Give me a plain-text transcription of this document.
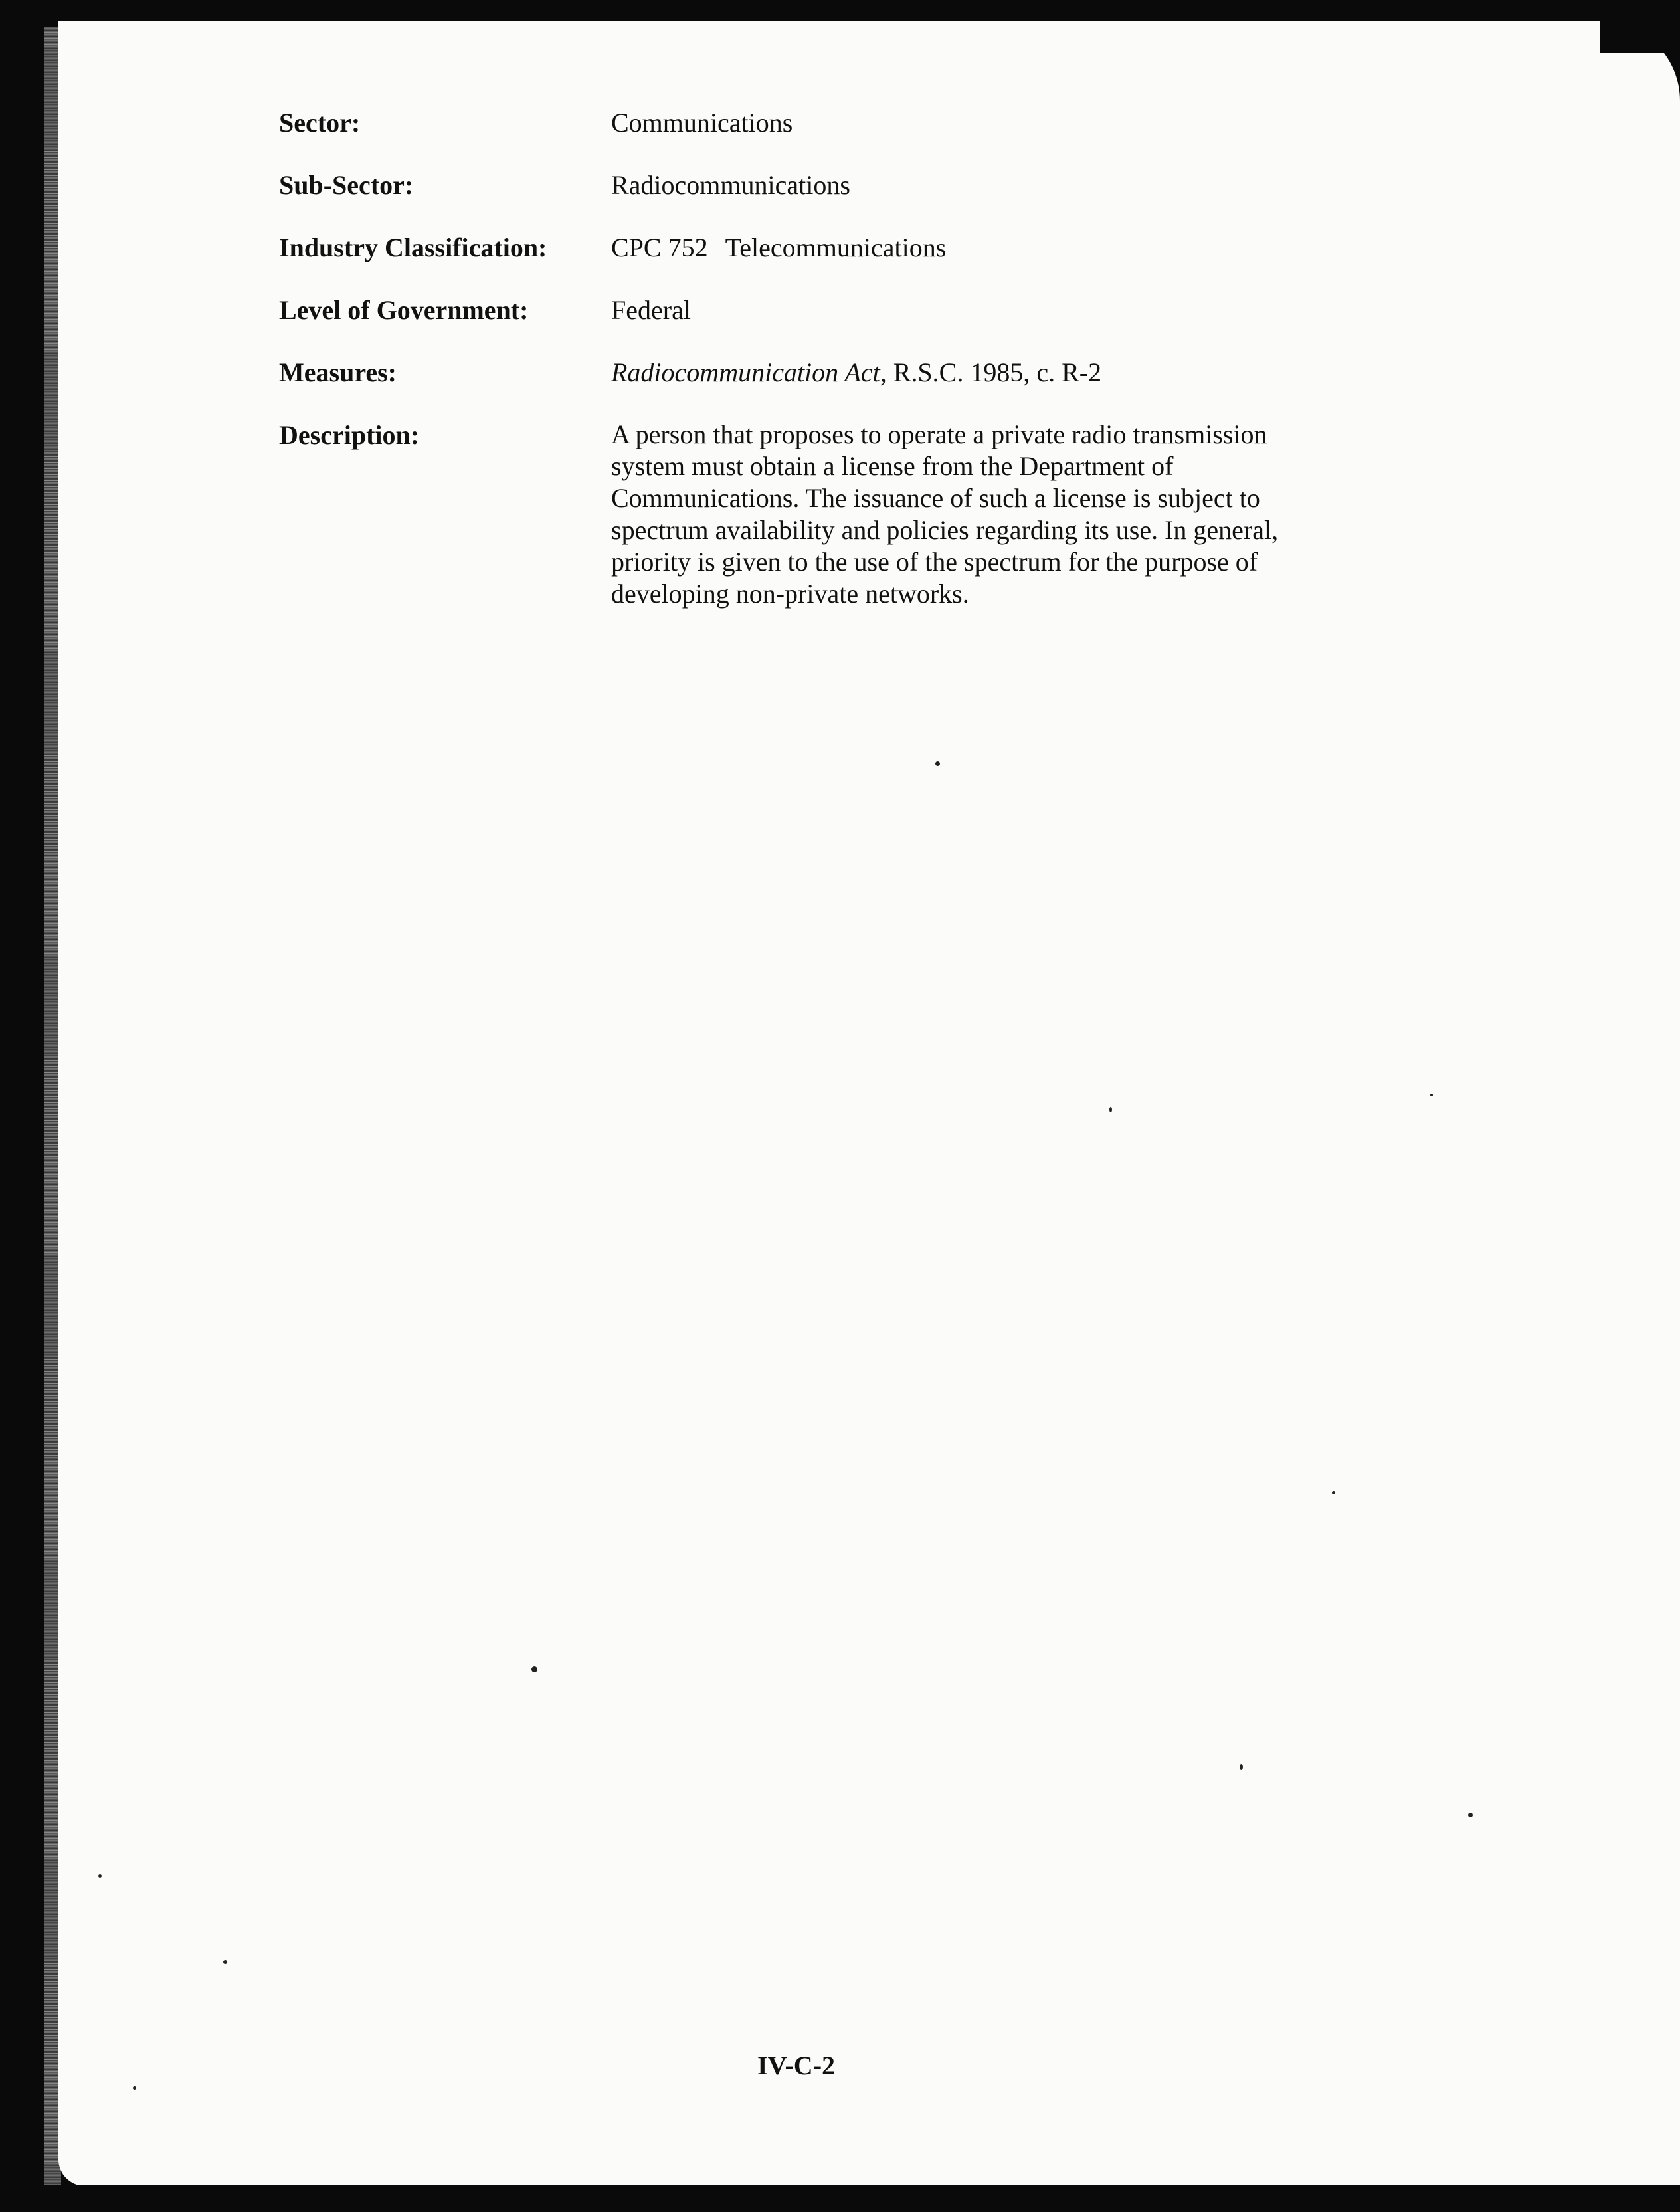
Sector:	Communications
Sub-Sector:	Radiocommunications
Industry Classification:	CPC 752 Telecommunications
Level of Government:	Federal
Measures:	Radiocommunication Act, R.S.C. 1985, c. R-2
Description:	A person that proposes to operate a private radio transmission
system must obtain a license from the Department of
Communications. The issuance of such a license is subject to
spectrum availability and policies regarding its use. In general,
priority is given to the use of the spectrum for the purpose of
developing non-private networks.
IV-C-2
